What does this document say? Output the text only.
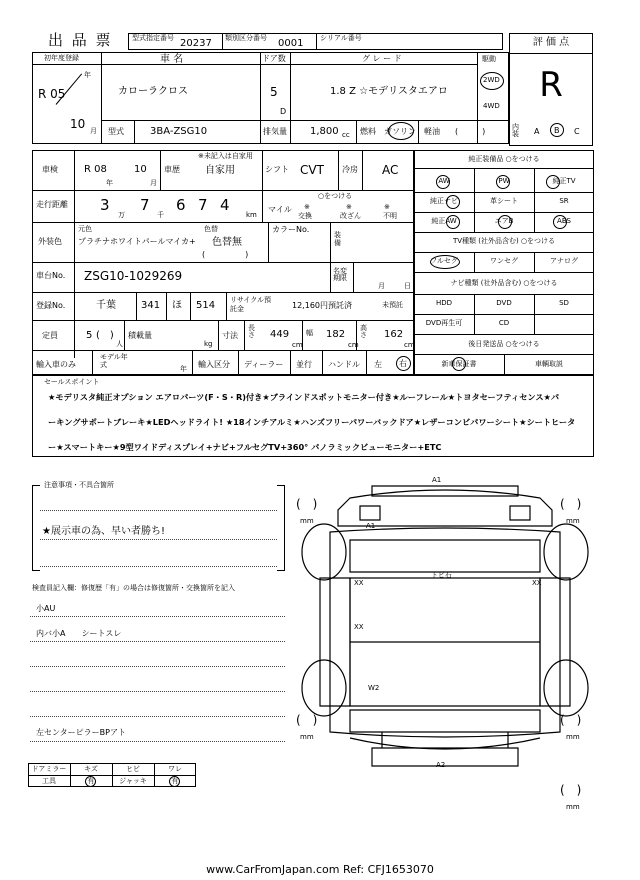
出 品 票	型式指定番号 20237 類別区分番号 0001 シリアル番号	評 価 点
R
初年度登録
年
R 05
10 月
車 名
カローラクロス
ドア数
5
D
グ レ ー ド
1.8 Z ☆モデリスタエアロ
駆動
2WD
4WD
型式	3BA-ZSG10	排気量 1,800 cc 燃料 ガソリン 軽油 (　　　)	内装	A B C
車検	R 08
年
10
月
車歴
※未記入は自家用
自家用	シフト CVT 冷房 AC
走行距離 3
万
7
千
6 7 4
km
○をつける
マイル ※	※	※
交換	改ざん	不明
外装色
元色
プラチナホワイトパールマイカ+
色替
色替無
(　　　　　)
カラーNo.
装 備
車台No. ZSG10-1029269	名変期限
月	日
登録No.	千葉	341 ほ 514 リサイクル預託金	12,160円預託済	未預託
定員	5 (　)
人
積載量
kg
寸法
長さ	449
cm
幅 182
cm
高さ	162
cm
輸入車のみ
モデル年式	年 輸入区分 ディーラー 並行 ハンドル 左 右
純正装備品 ○をつける
AW	PW	純正TV
純正ナビ	革シート	SR
純正AW	エアB	ABS
TV種類 (社外品含む) ○をつける
フルセグ	ワンセグ	アナログ
ナビ種類 (社外品含む) ○をつける
HDD	DVD	SD
DVD再生可	CD
後日発送品 ○をつける
新車保証書	車輌取説
セールスポイント
★モデリスタ純正オプション エアロパーツ(F・S・R)付き★ブラインドスポットモニター付き★ルーフレール★トヨタセーフティセンス★パ
ーキングサポートブレーキ★LEDヘッドライト! ★18インチアルミ★ハンズフリーパワーバックドア★レザーコンビパワーシート★シートヒータ
ー★スマートキー★9型ワイドディスプレイ+ナビ+フルセグTV+360° パノラミックビューモニター+ETC
注意事項・不具合箇所
★展示車の為、早い者勝ち!
検査員記入欄：修復歴「有」の場合は修復箇所・交換箇所を記入
小AU
内バ小A　　シートスレ
左センターピラーBPアト
ドアミラー	キズ	ヒビ	ワレ
工具	有	ジャッキ	有
A1
A1
トビ石
XX	XX
XX
W2
A2
(　)
mm
(　)
mm
(　)
mm
(　)
mm
(　)
mm
www.CarFromJapan.com Ref: CFJ1653070
